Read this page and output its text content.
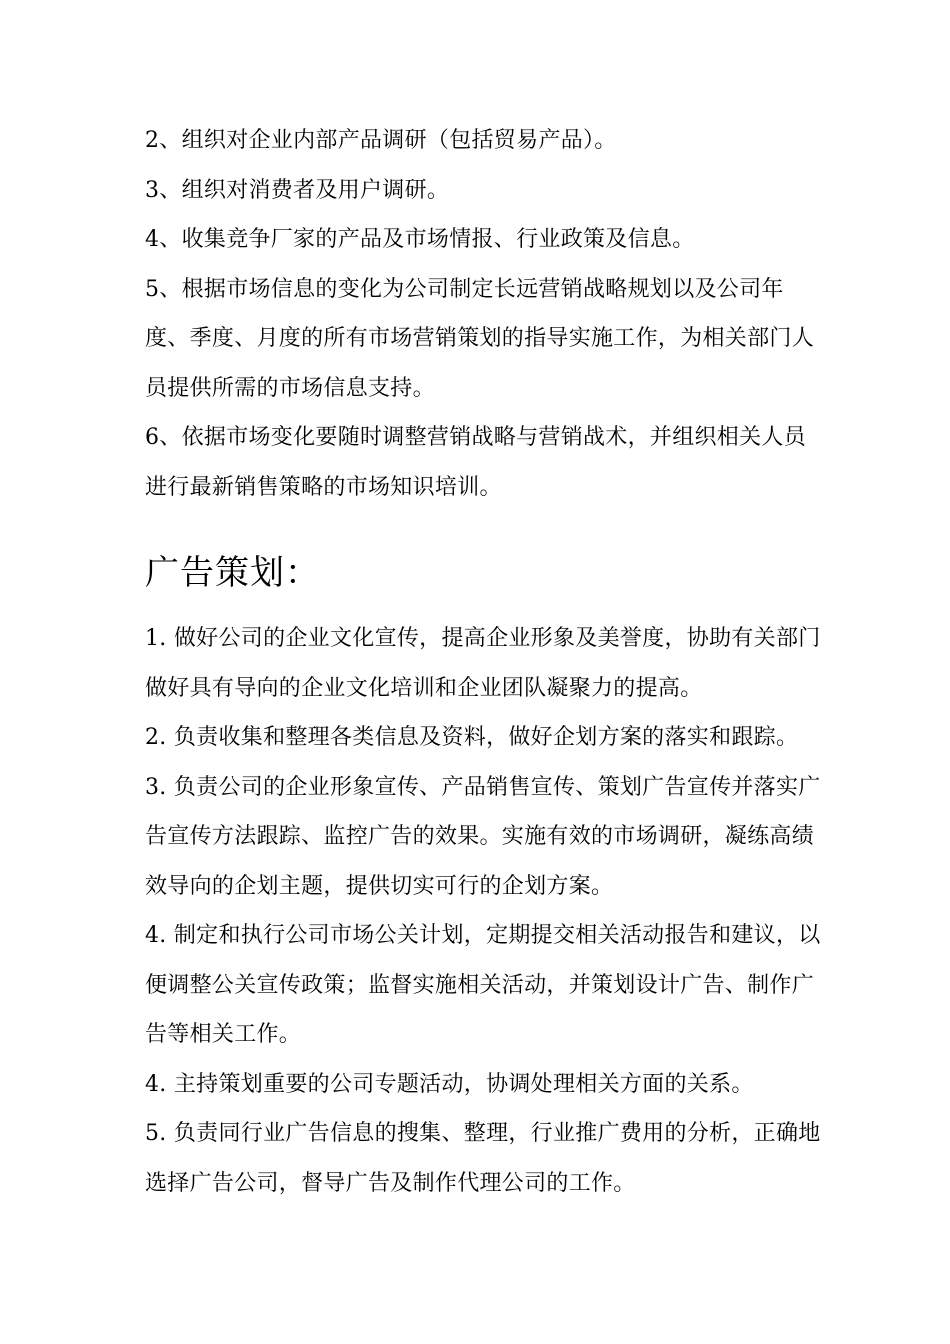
2、组织对企业内部产品调研（包括贸易产品）。

3、组织对消费者及用户调研。

4、收集竞争厂家的产品及市场情报、行业政策及信息。

5、根据市场信息的变化为公司制定长远营销战略规划以及公司年度、季度、月度的所有市场营销策划的指导实施工作，为相关部门人员提供所需的市场信息支持。

6、依据市场变化要随时调整营销战略与营销战术，并组织相关人员进行最新销售策略的市场知识培训。

广告策划：

1. 做好公司的企业文化宣传，提高企业形象及美誉度，协助有关部门做好具有导向的企业文化培训和企业团队凝聚力的提高。

2. 负责收集和整理各类信息及资料，做好企划方案的落实和跟踪。

3. 负责公司的企业形象宣传、产品销售宣传、策划广告宣传并落实广告宣传方法跟踪、监控广告的效果。实施有效的市场调研，凝练高绩效导向的企划主题，提供切实可行的企划方案。

4. 制定和执行公司市场公关计划，定期提交相关活动报告和建议，以便调整公关宣传政策；监督实施相关活动，并策划设计广告、制作广告等相关工作。

4. 主持策划重要的公司专题活动，协调处理相关方面的关系。

5. 负责同行业广告信息的搜集、整理，行业推广费用的分析，正确地选择广告公司，督导广告及制作代理公司的工作。
